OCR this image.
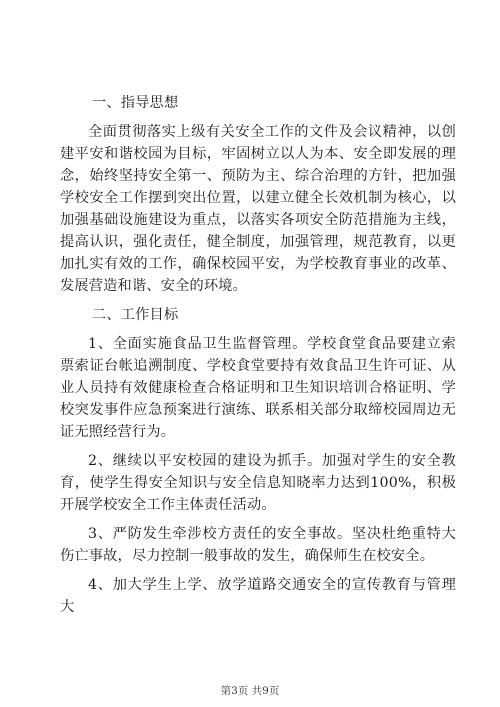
一、指导思想

全面贯彻落实上级有关安全工作的文件及会议精神，以创建平安和谐校园为目标，牢固树立以人为本、安全即发展的理念，始终坚持安全第一、预防为主、综合治理的方针，把加强学校安全工作摆到突出位置，以建立健全长效机制为核心，以加强基础设施建设为重点，以落实各项安全防范措施为主线，提高认识，强化责任，健全制度，加强管理，规范教育，以更加扎实有效的工作，确保校园平安，为学校教育事业的改革、发展营造和谐、安全的环境。

二、工作目标

1、全面实施食品卫生监督管理。学校食堂食品要建立索票索证台帐追溯制度、学校食堂要持有效食品卫生许可证、从业人员持有效健康检查合格证明和卫生知识培训合格证明、学校突发事件应急预案进行演练、联系相关部分取缔校园周边无证无照经营行为。

2、继续以平安校园的建设为抓手。加强对学生的安全教育，使学生得安全知识与安全信息知晓率力达到100%，积极开展学校安全工作主体责任活动。

3、严防发生牵涉校方责任的安全事故。坚决杜绝重特大伤亡事故，尽力控制一般事故的发生，确保师生在校安全。

4、加大学生上学、放学道路交通安全的宣传教育与管理大

第3页 共9页
